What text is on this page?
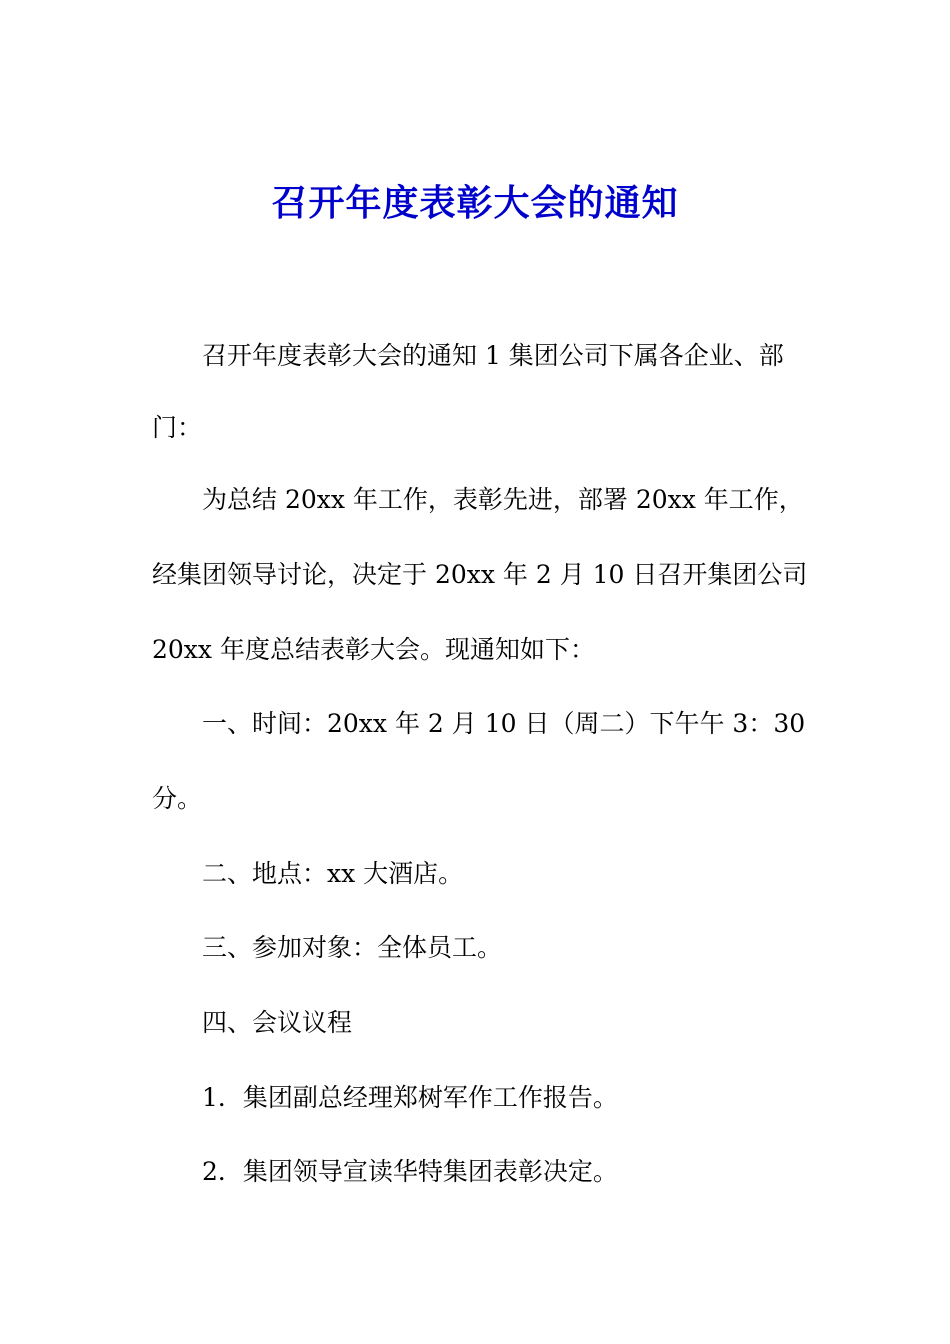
召开年度表彰大会的通知

召开年度表彰大会的通知 1 集团公司下属各企业、部

门：

为总结 20xx 年工作，表彰先进，部署 20xx 年工作，

经集团领导讨论，决定于 20xx 年 2 月 10 日召开集团公司

20xx 年度总结表彰大会。现通知如下：

一、时间：20xx 年 2 月 10 日（周二）下午午 3：30

分。

二、地点：xx 大酒店。

三、参加对象：全体员工。

四、会议议程

1．集团副总经理郑树军作工作报告。

2．集团领导宣读华特集团表彰决定。
